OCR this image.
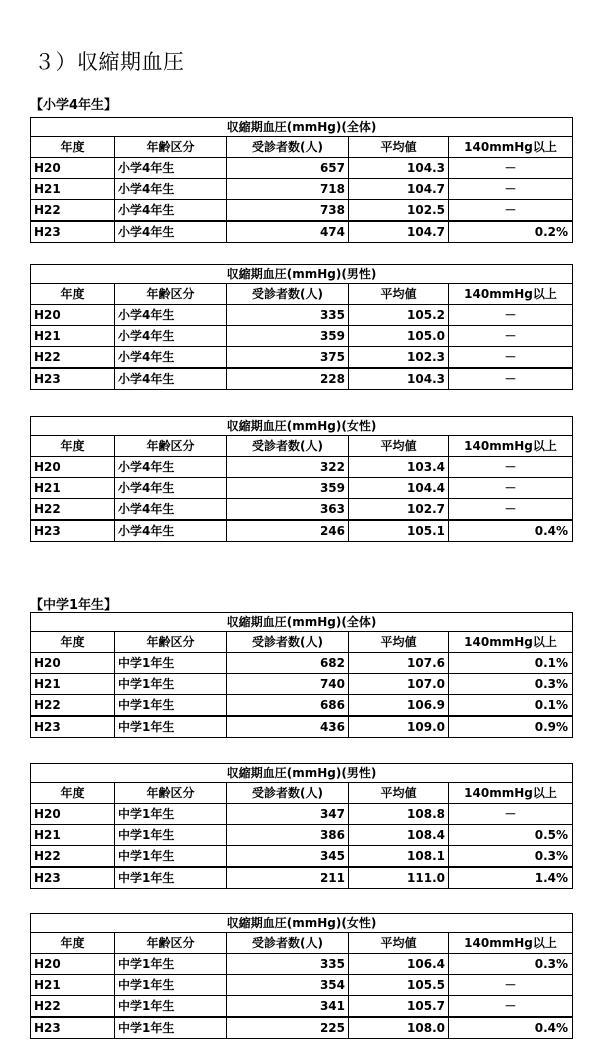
３）収縮期血圧
【小学4年生】
収縮期血圧(mmHg)(全体)				
年度	年齢区分	受診者数(人)	平均値	140mmHg以上
H20	小学4年生	657	104.3	－
H21	小学4年生	718	104.7	－
H22	小学4年生	738	102.5	－
H23	小学4年生	474	104.7	0.2%
収縮期血圧(mmHg)(男性)				
年度	年齢区分	受診者数(人)	平均値	140mmHg以上
H20	小学4年生	335	105.2	－
H21	小学4年生	359	105.0	－
H22	小学4年生	375	102.3	－
H23	小学4年生	228	104.3	－
収縮期血圧(mmHg)(女性)				
年度	年齢区分	受診者数(人)	平均値	140mmHg以上
H20	小学4年生	322	103.4	－
H21	小学4年生	359	104.4	－
H22	小学4年生	363	102.7	－
H23	小学4年生	246	105.1	0.4%
【中学1年生】
収縮期血圧(mmHg)(全体)				
年度	年齢区分	受診者数(人)	平均値	140mmHg以上
H20	中学1年生	682	107.6	0.1%
H21	中学1年生	740	107.0	0.3%
H22	中学1年生	686	106.9	0.1%
H23	中学1年生	436	109.0	0.9%
収縮期血圧(mmHg)(男性)				
年度	年齢区分	受診者数(人)	平均値	140mmHg以上
H20	中学1年生	347	108.8	－
H21	中学1年生	386	108.4	0.5%
H22	中学1年生	345	108.1	0.3%
H23	中学1年生	211	111.0	1.4%
収縮期血圧(mmHg)(女性)				
年度	年齢区分	受診者数(人)	平均値	140mmHg以上
H20	中学1年生	335	106.4	0.3%
H21	中学1年生	354	105.5	－
H22	中学1年生	341	105.7	－
H23	中学1年生	225	108.0	0.4%
